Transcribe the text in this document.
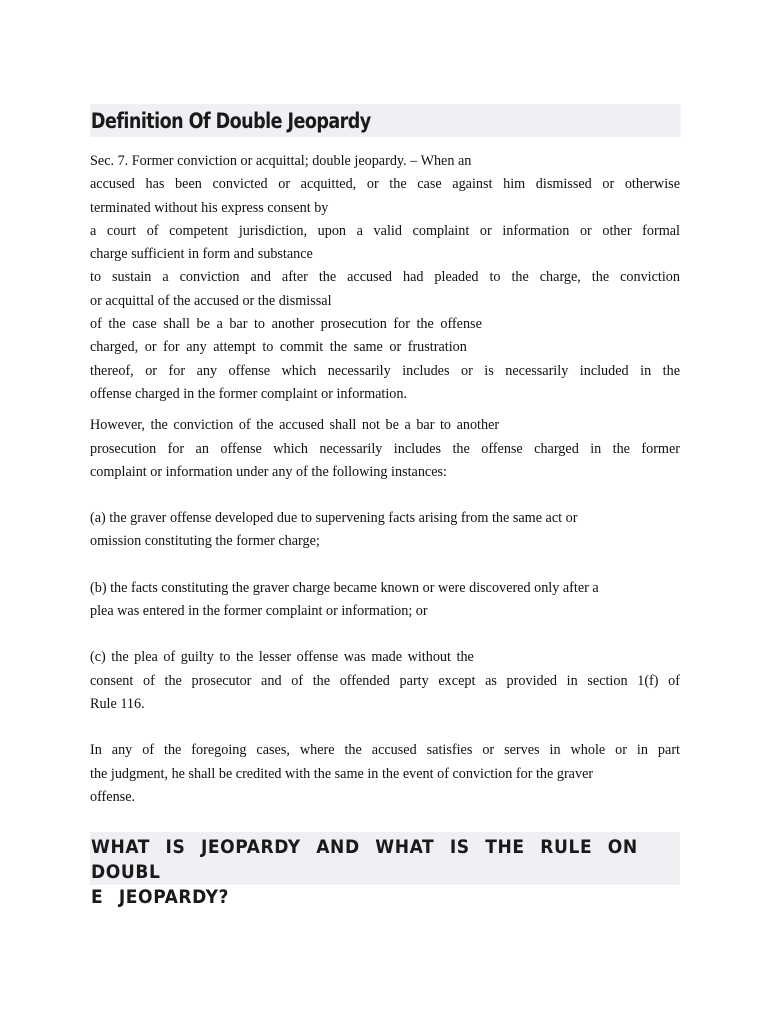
Definition Of Double Jeopardy

Sec. 7. Former conviction or acquittal; double jeopardy. – When an
accused has been convicted or acquitted, or the case against him dismissed or otherwise
terminated without his express consent by
a court of competent jurisdiction, upon a valid complaint or information or other formal
charge sufficient in form and substance
to sustain a conviction and after the accused had pleaded to the charge, the conviction
or acquittal of the accused or the dismissal
of the case shall be a bar to another prosecution for the offense
charged, or for any attempt to commit the same or frustration
thereof, or for any offense which necessarily includes or is necessarily included in the
offense charged in the former complaint or information.

However, the conviction of the accused shall not be a bar to another
prosecution for an offense which necessarily includes the offense charged in the former
complaint or information under any of the following instances:

(a) the graver offense developed due to supervening facts arising from the same act or
omission constituting the former charge;

(b) the facts constituting the graver charge became known or were discovered only after a
plea was entered in the former complaint or information; or

(c) the plea of guilty to the lesser offense was made without the
consent of the prosecutor and of the offended party except as provided in section 1(f) of
Rule 116.

In any of the foregoing cases, where the accused satisfies or serves in whole or in part
the judgment, he shall be credited with the same in the event of conviction for the graver
offense.

WHAT IS JEOPARDY AND WHAT IS THE RULE ON DOUBL
E JEOPARDY?
